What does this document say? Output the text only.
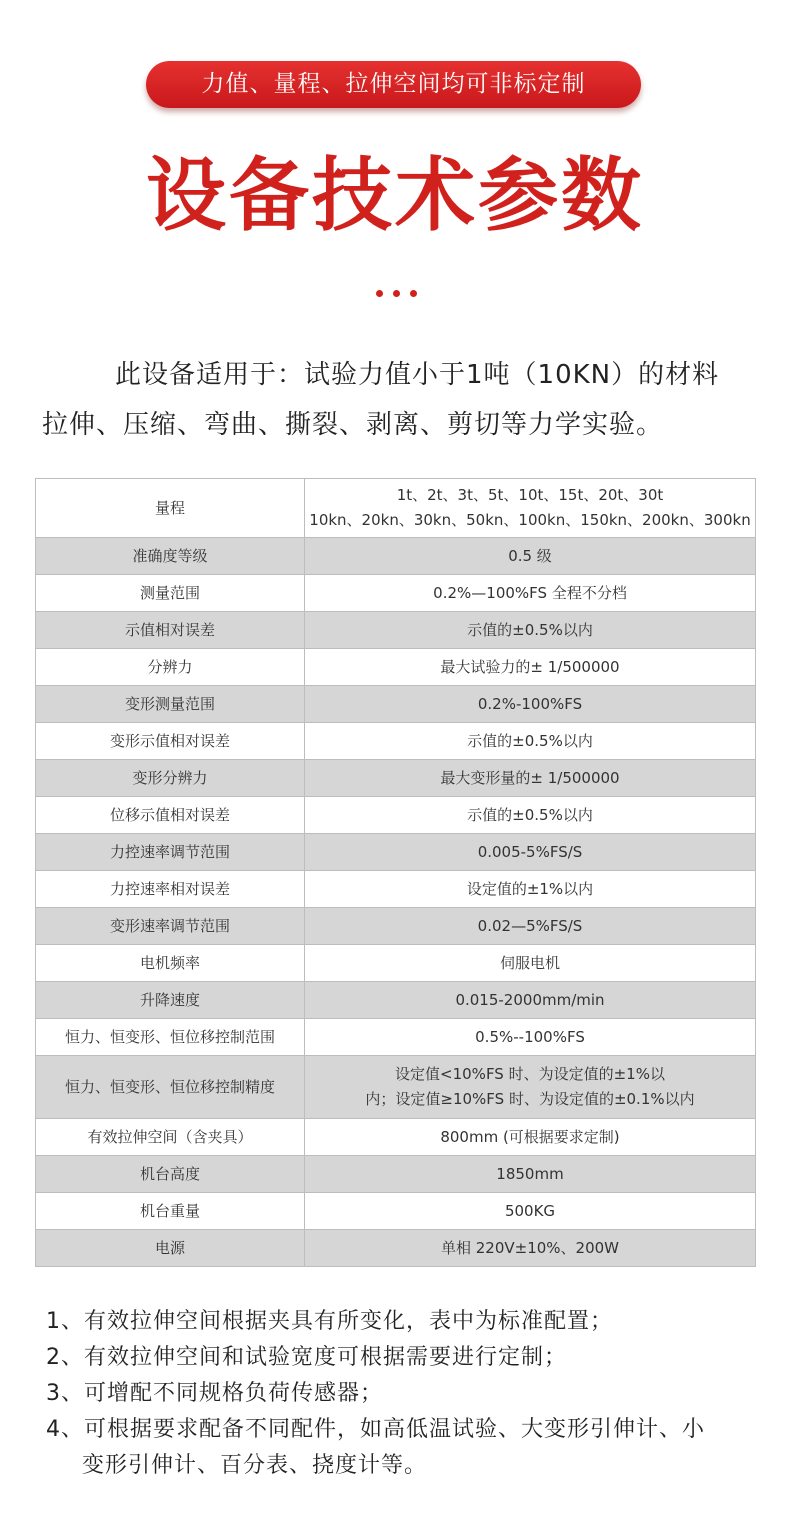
力值、量程、拉伸空间均可非标定制
设备技术参数
此设备适用于：试验力值小于1吨（10KN）的材料
拉伸、压缩、弯曲、撕裂、剥离、剪切等力学实验。
量程	1t、2t、3t、5t、10t、15t、20t、30t
10kn、20kn、30kn、50kn、100kn、150kn、200kn、300kn

准确度等级	0.5 级
测量范围	0.2%—100%FS 全程不分档
示值相对误差	示值的±0.5%以内
分辨力	最大试验力的± 1/500000
变形测量范围	0.2%-100%FS
变形示值相对误差	示值的±0.5%以内
变形分辨力	最大变形量的± 1/500000
位移示值相对误差	示值的±0.5%以内
力控速率调节范围	0.005-5%FS/S
力控速率相对误差	设定值的±1%以内
变形速率调节范围	0.02—5%FS/S
电机频率	伺服电机
升降速度	0.015-2000mm/min
恒力、恒变形、恒位移控制范围	0.5%--100%FS
恒力、恒变形、恒位移控制精度	设定值<10%FS 时、为设定值的±1%以
内；设定值≥10%FS 时、为设定值的±0.1%以内

有效拉伸空间（含夹具）	800mm (可根据要求定制)
机台高度	1850mm
机台重量	500KG
电源	单相 220V±10%、200W
1、有效拉伸空间根据夹具有所变化，表中为标准配置；
2、有效拉伸空间和试验宽度可根据需要进行定制；
3、可增配不同规格负荷传感器；
4、可根据要求配备不同配件，如高低温试验、大变形引伸计、小
变形引伸计、百分表、挠度计等。
